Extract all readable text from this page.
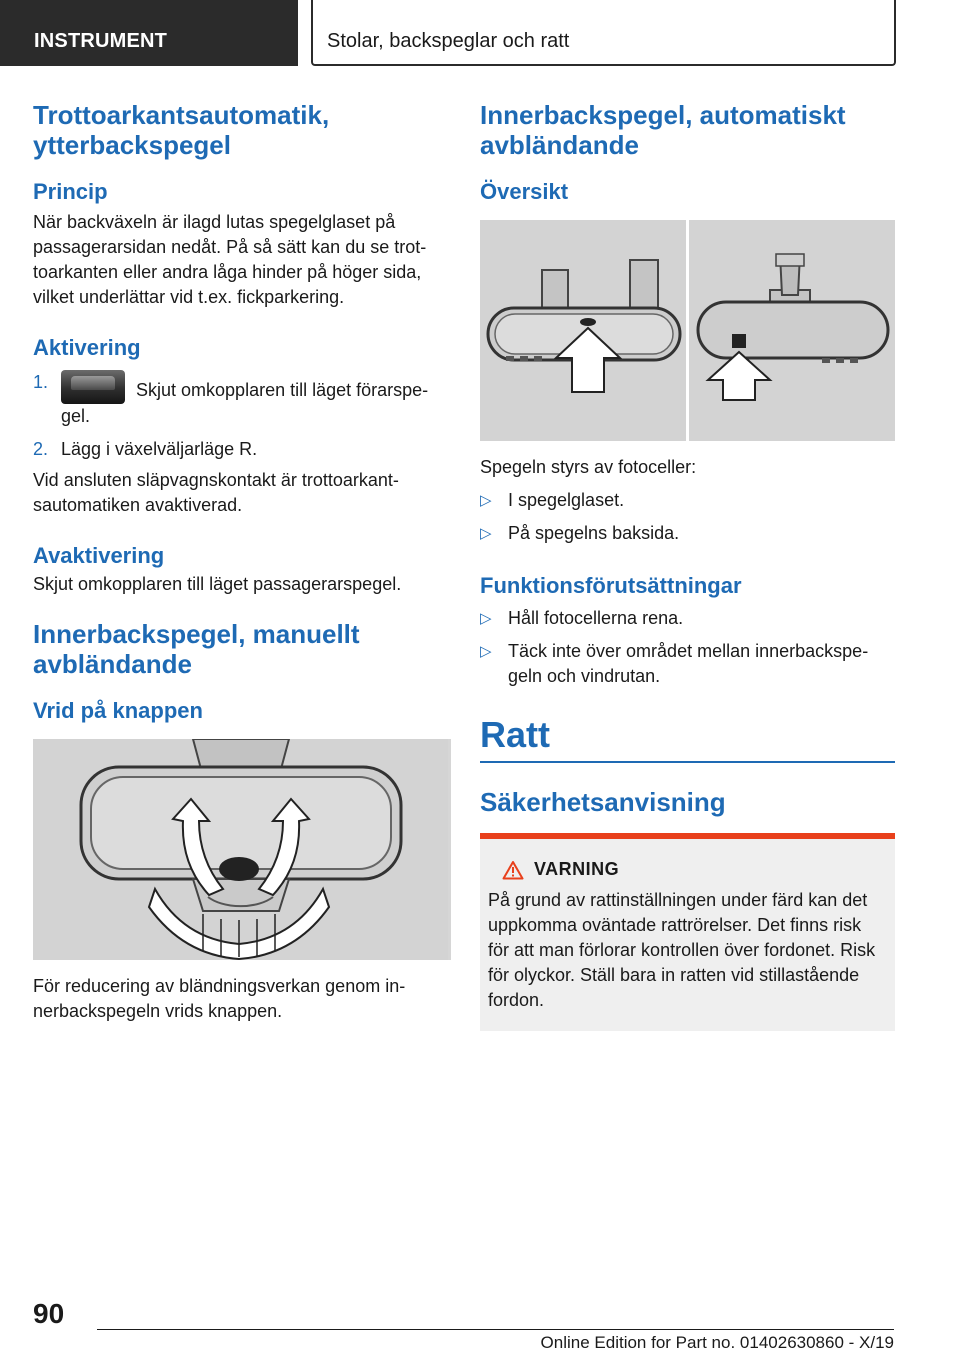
INSTRUMENT	Stolar, backspeglar och ratt
Trottoarkantsautomatik, ytterbackspegel
Princip
När backväxeln är ilagd lutas spegelglaset på passagerarsidan nedåt. På så sätt kan du se trottoarkanten eller andra låga hinder på höger sida, vilket underlättar vid t.ex. fickparkering.
Aktivering
1.	Skjut omkopplaren till läget förarspegel.
2. Lägg i växelväljarläge R.
Vid ansluten släpvagnskontakt är trottoarkantsautomatiken avaktiverad.
Avaktivering
Skjut omkopplaren till läget passagerarspegel.
Innerbackspegel, manuellt avbländande
Vrid på knappen
För reducering av bländningsverkan genom innerbackspegeln vrids knappen.
Innerbackspegel, automatiskt avbländande
Översikt
Spegeln styrs av fotoceller:
▷ I spegelglaset.
▷ På spegelns baksida.
Funktionsförutsättningar
▷ Håll fotocellerna rena.
▷ Täck inte över området mellan innerbackspegeln och vindrutan.
Ratt
Säkerhetsanvisning
VARNING
På grund av rattinställningen under färd kan det uppkomma oväntade rattrörelser. Det finns risk för att man förlorar kontrollen över fordonet. Risk för olyckor. Ställ bara in ratten vid stillastående fordon.
90
Online Edition for Part no. 01402630860 - X/19
